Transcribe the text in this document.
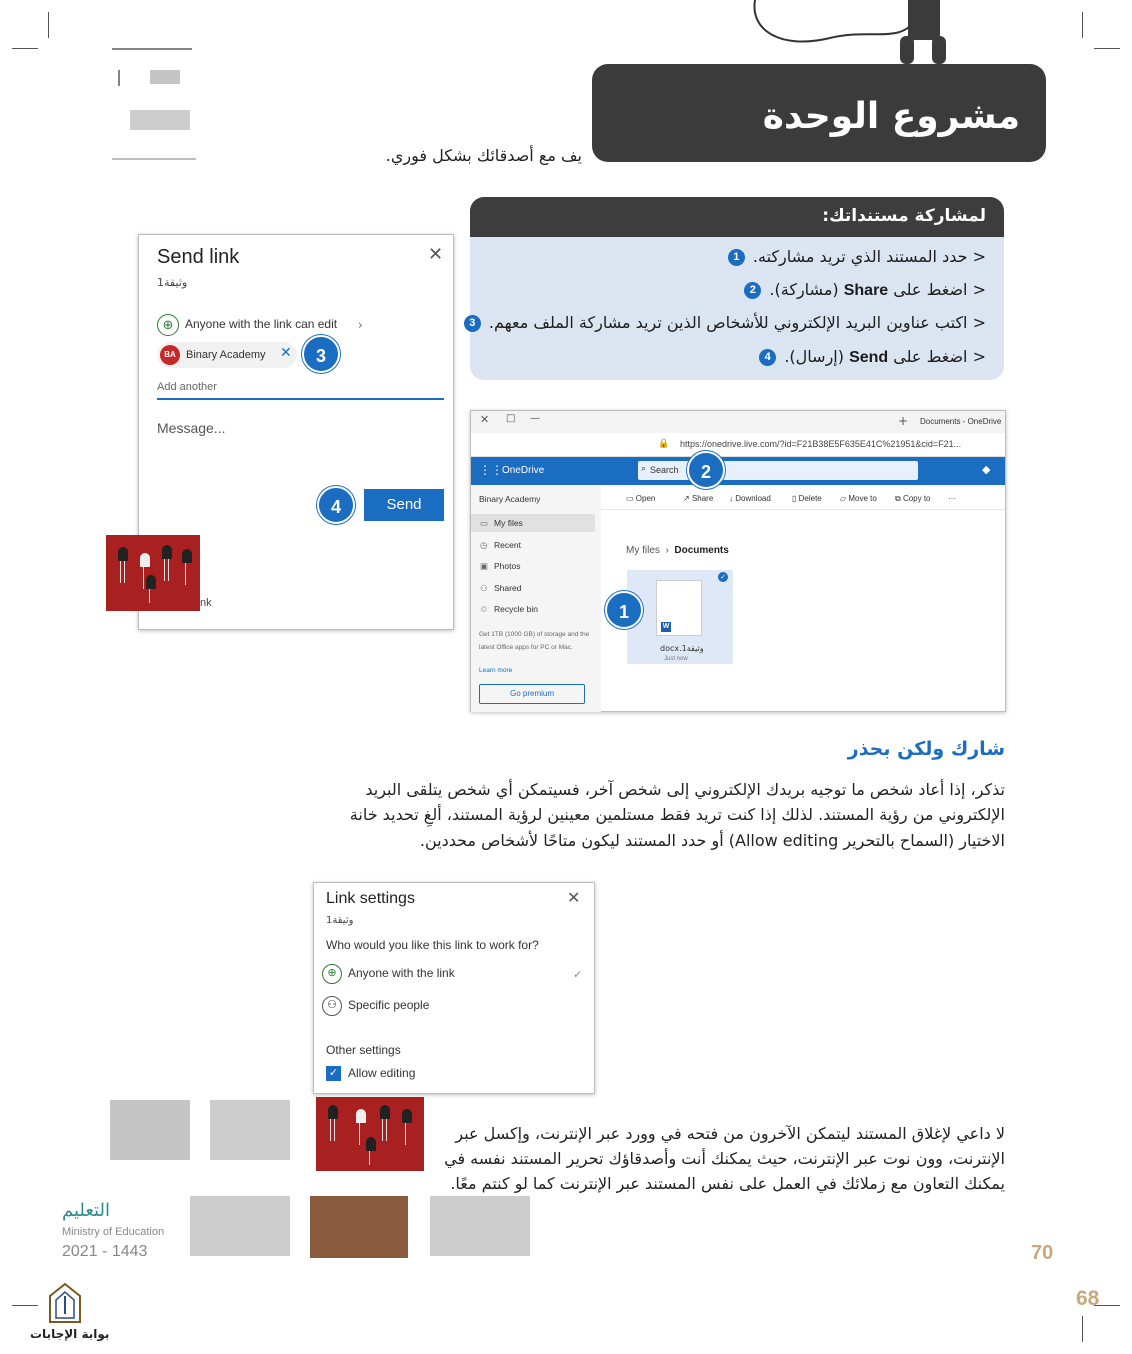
مشروع الوحدة
يف مع أصدقائك بشكل فوري.
لمشاركة مستنداتك:
< حدد المستند الذي تريد مشاركته. 1
< اضغط على Share (مشاركة). 2
< اكتب عناوين البريد الإلكتروني للأشخاص الذين تريد مشاركة الملف معهم. 3
< اضغط على Send (إرسال). 4
Send link
وثيقة1
✕
⊕ Anyone with the link can edit ›
BA Binary Academy	✕	3
Add another
Message...
4	Send
nk
✕ □ —	+ Documents - OneDrive
🔒 https://onedrive.live.com/?id=F21B38E5F635E41C%21951&cid=F21...
⋮⋮ OneDrive	⌕ Search	◆
Binary Academy
▭ My files
◷ Recent
▣ Photos
⚇ Shared
♲ Recycle bin
Get 1TB (1000 GB) of storage and the latest Office apps for PC or Mac.
Learn more
Go premium
▭ Open	↗ Share ↓ Download	▯ Delete ▱ Move to ⧉ Copy to ···
My files  ›  Documents
W
✓
وثيقة1.docx
Just now
1
2
شارك ولكن بحذر
تذكر، إذا أعاد شخص ما توجيه بريدك الإلكتروني إلى شخص آخر، فسيتمكن أي شخص يتلقى البريد
الإلكتروني من رؤية المستند. لذلك إذا كنت تريد فقط مستلمين معينين لرؤية المستند، ألغِ تحديد خانة
الاختيار (السماح بالتحرير Allow editing) أو حدد المستند ليكون متاحًا لأشخاص محددين.
Link settings	✕
وثيقة1
Who would you like this link to work for?
⊕ Anyone with the link	✓
⚇ Specific people
Other settings
✓ Allow editing
لا داعي لإغلاق المستند ليتمكن الآخرون من فتحه في وورد عبر الإنترنت، وإكسل عبر
الإنترنت، وون نوت عبر الإنترنت، حيث يمكنك أنت وأصدقاؤك تحرير المستند نفسه في
يمكنك التعاون مع زملائك في العمل على نفس المستند عبر الإنترنت كما لو كنتم معًا.
التعليم
Ministry of Education
2021 - 1443	70
68
بوابة الإجابات
